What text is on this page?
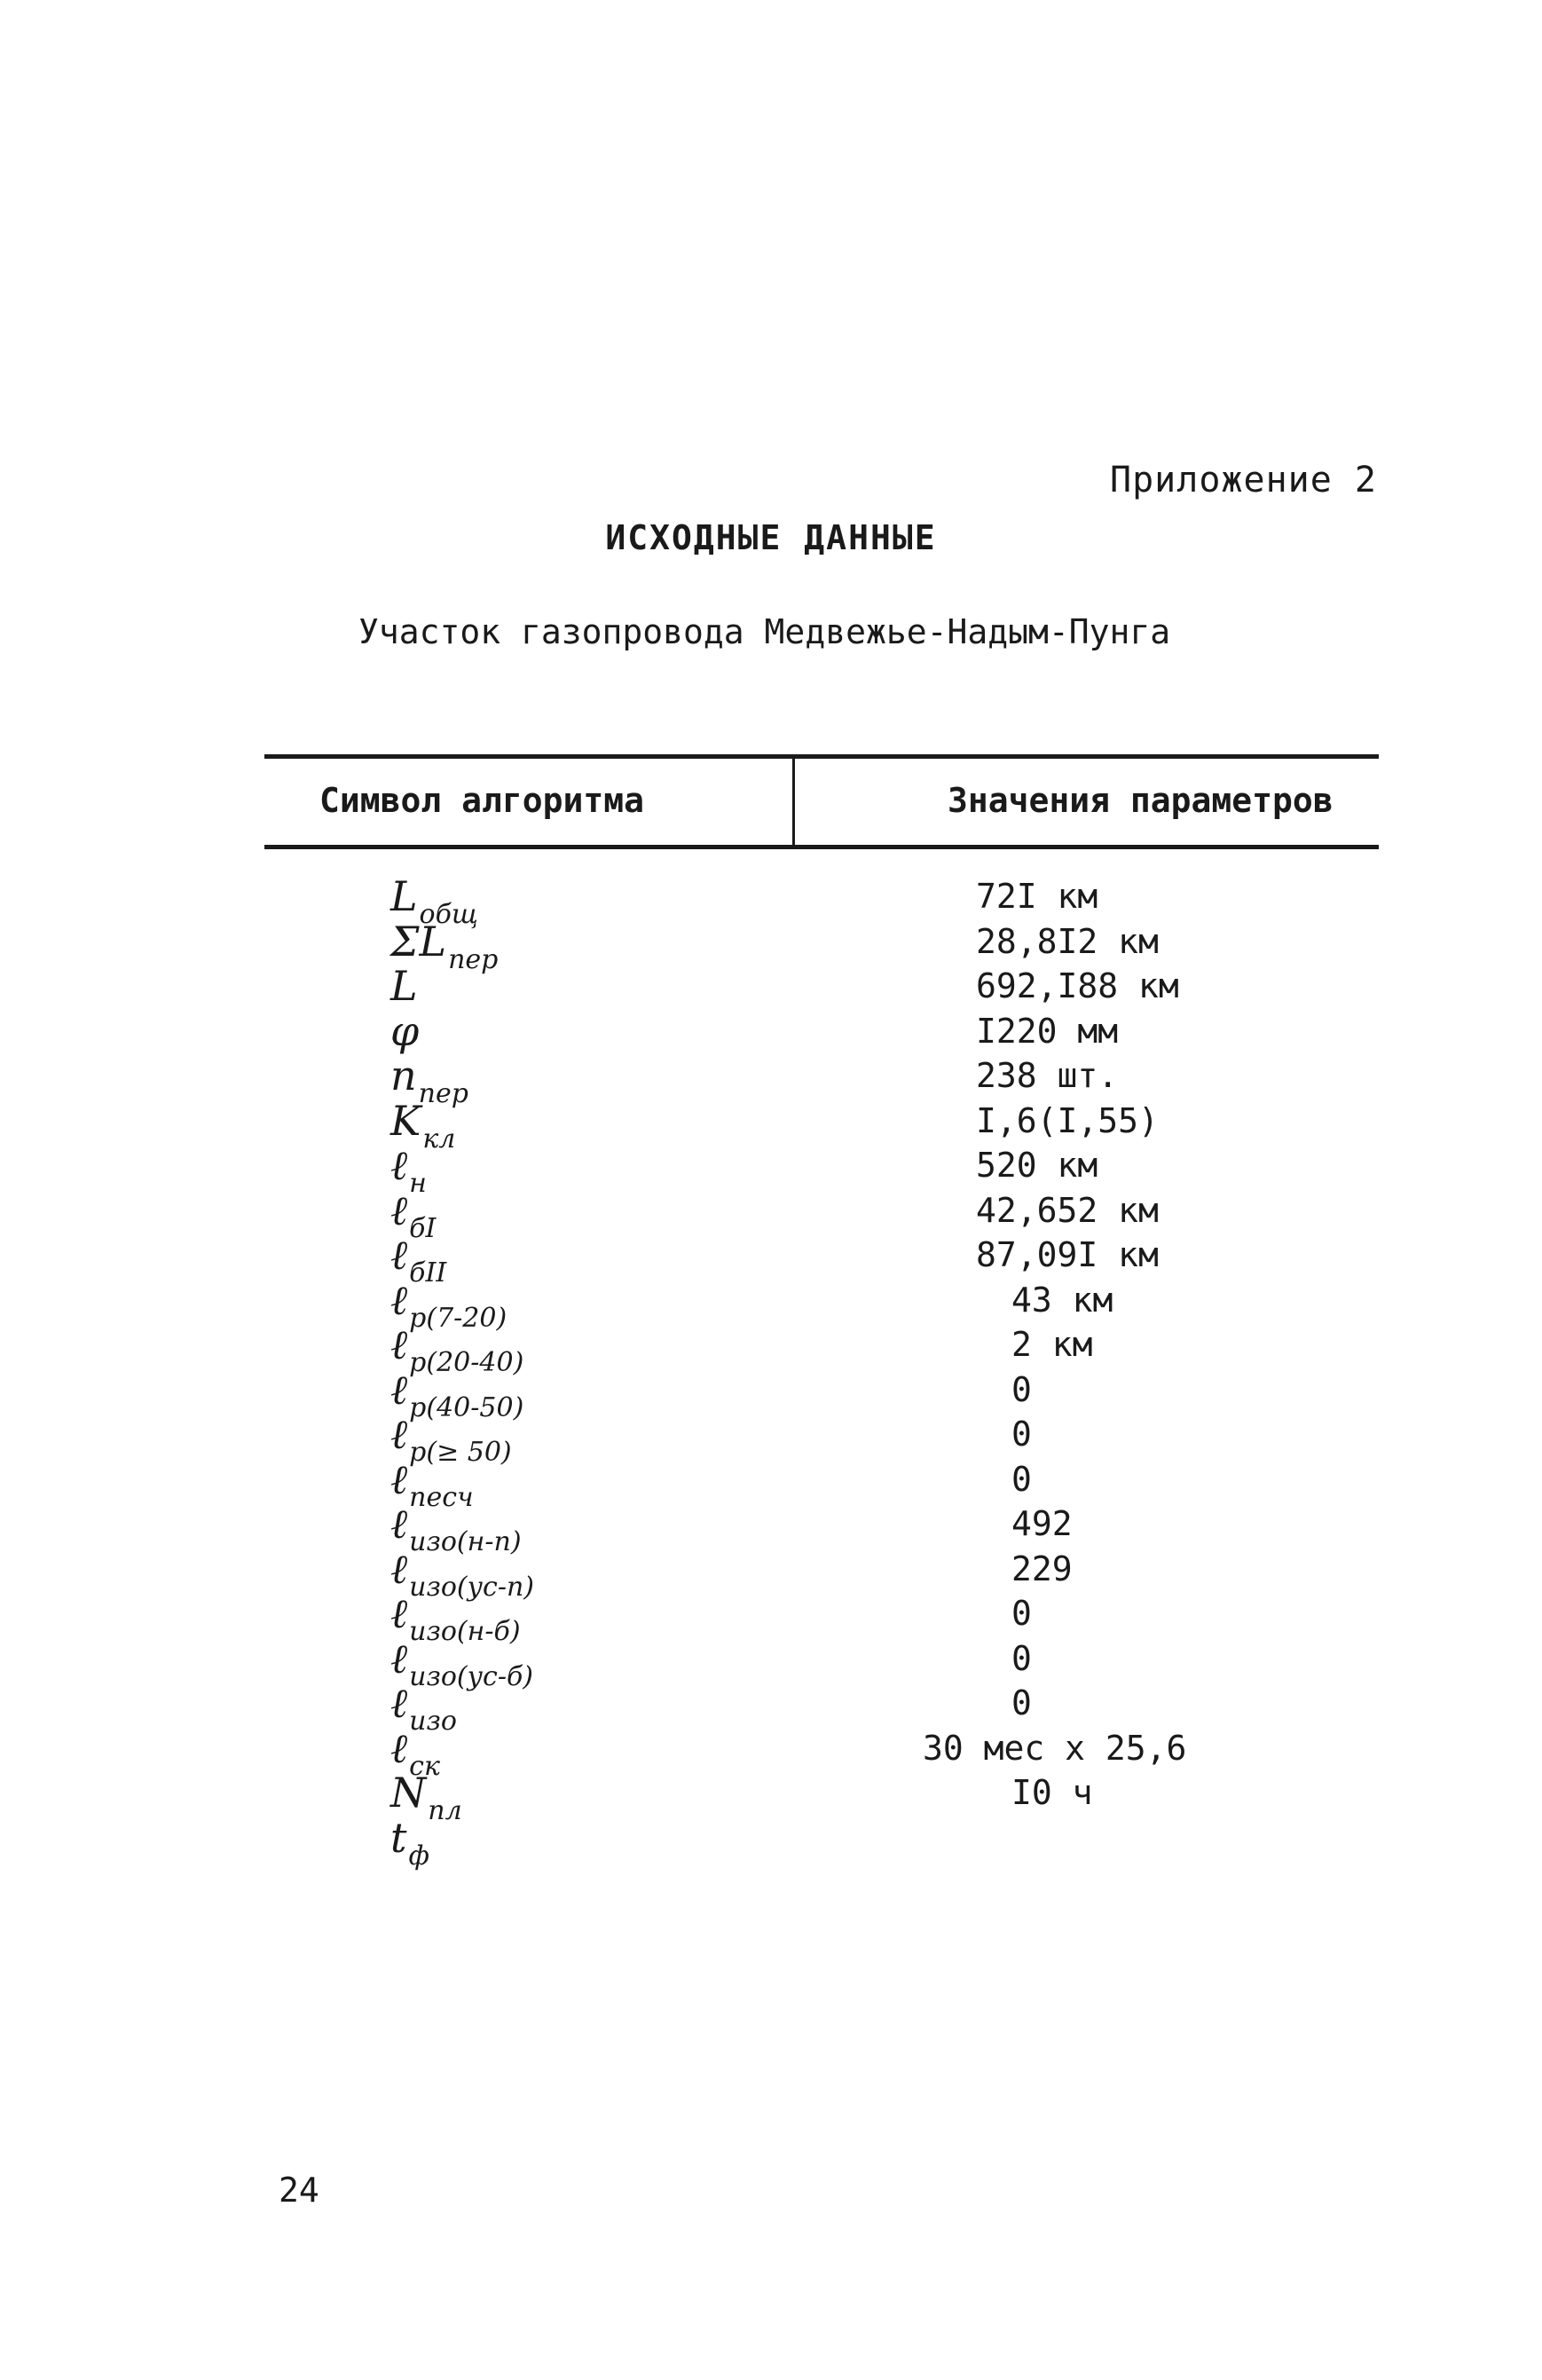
Приложение 2
ИСХОДНЫЕ ДАННЫЕ
Участок газопровода Медвежье-Надым-Пунга
Символ алгоритма	Значения параметров
$L_{общ}$
$\Sigma L_{пер}$
L
φ
$n_{пер}$
$K_{кл}$
ℓ$_н$
ℓ$_{бI}$
ℓ$_{бII}$
ℓ$_{р(7-20)}$
ℓ$_{р(20-40)}$
ℓ$_{р(40-50)}$
ℓ$_{р(\ge 50)}$
ℓ$_{песч}$
ℓ$_{изо(н-п)}$
ℓ$_{изо(ус-п)}$
ℓ$_{изо(н-б)}$
ℓ$_{изо(ус-б)}$
ℓ$_{изо}$
ℓ$_{ск}$
$N_{пл}$
$t_ф$
72I км
28,8I2 км
692,I88 км
I220 мм
238 шт.
I,6(I,55)
520 км
42,652 км
87,09I км
43 км
2 км
0
0
0
492
229
0
0
0
30 мес х 25,6
I0 ч
24
